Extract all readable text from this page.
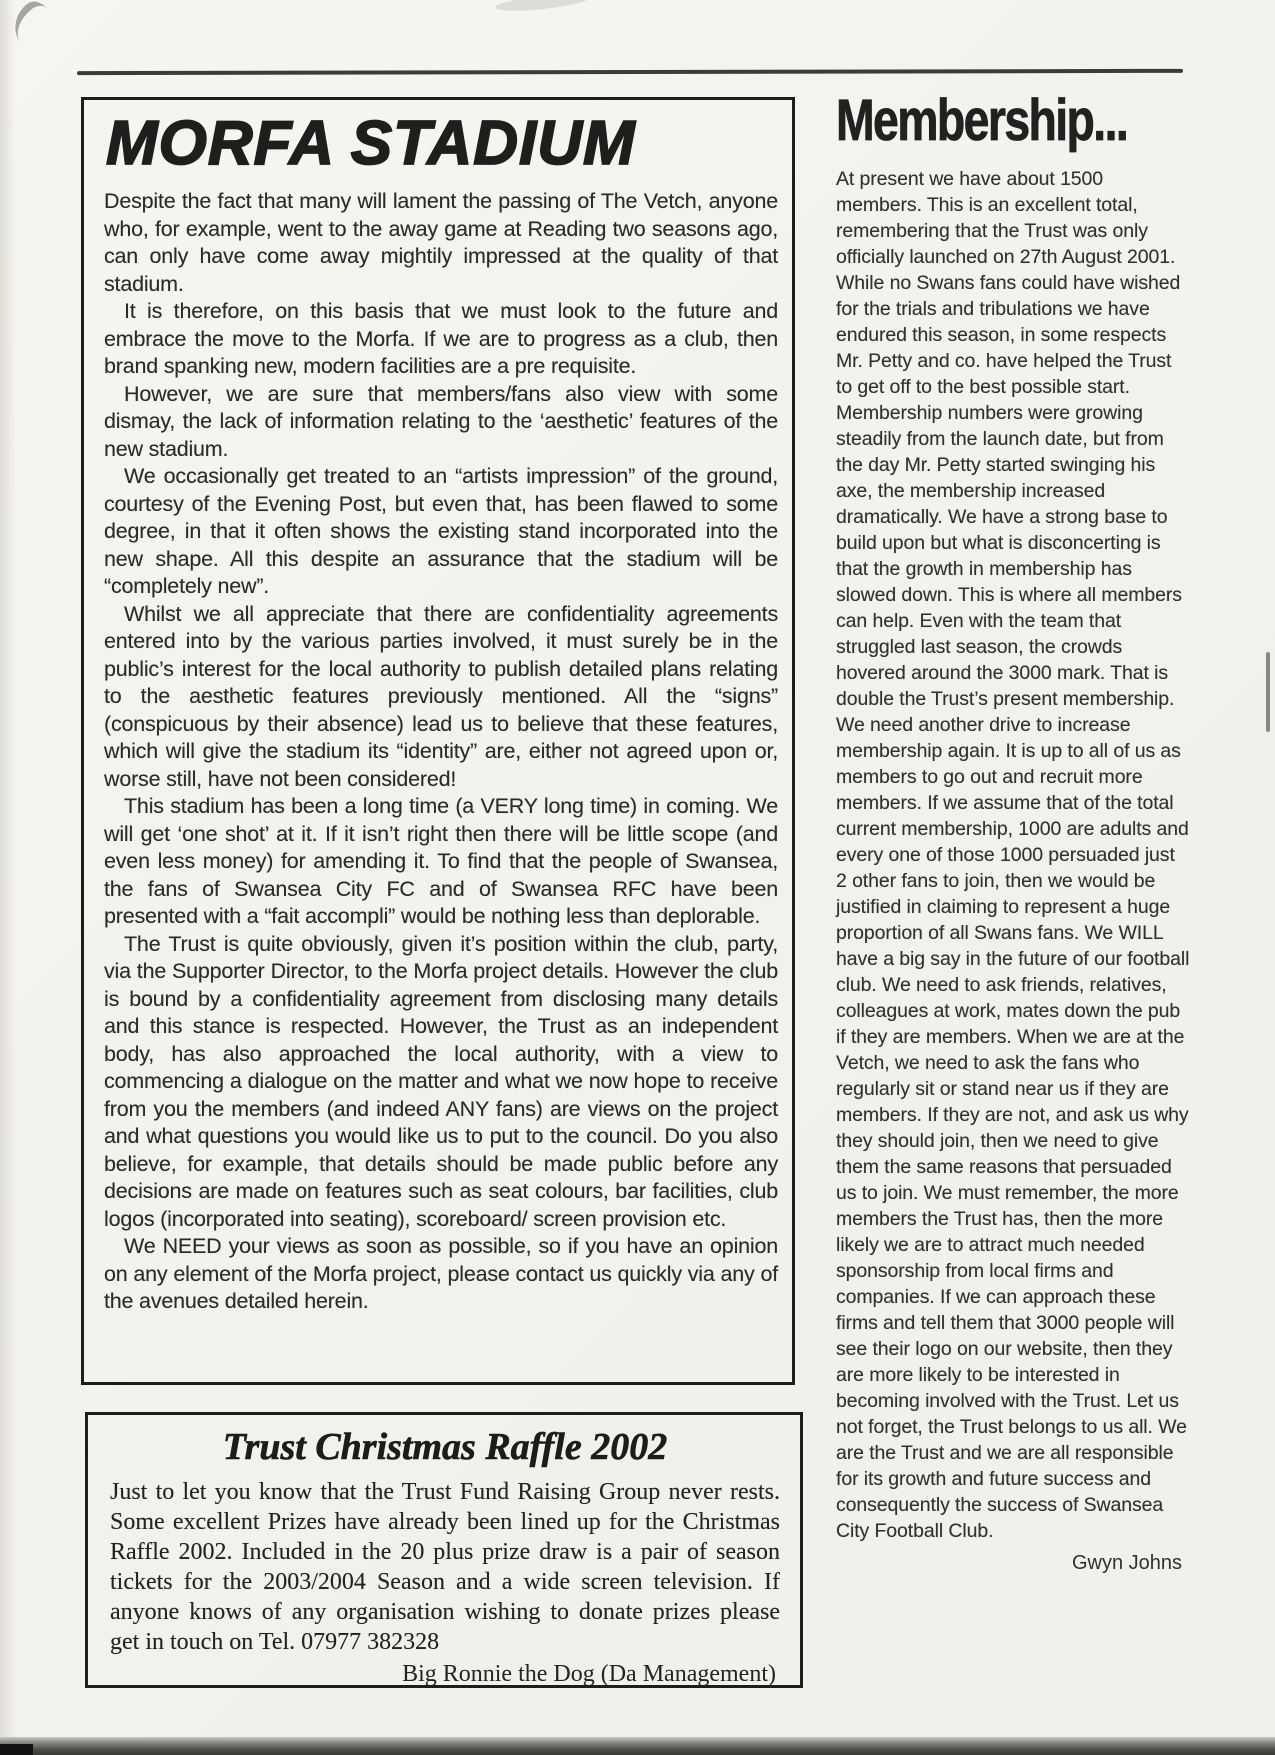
MORFA STADIUM

Despite the fact that many will lament the passing of The Vetch, anyone who, for example, went to the away game at Reading two seasons ago, can only have come away mightily impressed at the quality of that stadium.

It is therefore, on this basis that we must look to the future and embrace the move to the Morfa. If we are to progress as a club, then brand spanking new, modern facilities are a pre requisite.

However, we are sure that members/fans also view with some dismay, the lack of information relating to the ‘aesthetic’ features of the new stadium.

We occasionally get treated to an “artists impression” of the ground, courtesy of the Evening Post, but even that, has been flawed to some degree, in that it often shows the existing stand incorporated into the new shape. All this despite an assurance that the stadium will be “completely new”.

Whilst we all appreciate that there are confidentiality agreements entered into by the various parties involved, it must surely be in the public’s interest for the local authority to publish detailed plans relating to the aesthetic features previously mentioned. All the “signs” (conspicuous by their absence) lead us to believe that these features, which will give the stadium its “identity” are, either not agreed upon or, worse still, have not been considered!

This stadium has been a long time (a VERY long time) in coming. We will get ‘one shot’ at it. If it isn’t right then there will be little scope (and even less money) for amending it. To find that the people of Swansea, the fans of Swansea City FC and of Swansea RFC have been presented with a “fait accompli” would be nothing less than deplorable.

The Trust is quite obviously, given it’s position within the club, party, via the Supporter Director, to the Morfa project details. However the club is bound by a confidentiality agreement from disclosing many details and this stance is respected. However, the Trust as an independent body, has also approached the local authority, with a view to commencing a dialogue on the matter and what we now hope to receive from you the members (and indeed ANY fans) are views on the project and what questions you would like us to put to the council. Do you also believe, for example, that details should be made public before any decisions are made on features such as seat colours, bar facilities, club logos (incorporated into seating), scoreboard/ screen provision etc.

We NEED your views as soon as possible, so if you have an opinion on any element of the Morfa project, please contact us quickly via any of the avenues detailed herein.

Trust Christmas Raffle 2002

Just to let you know that the Trust Fund Raising Group never rests. Some excellent Prizes have already been lined up for the Christmas Raffle 2002. Included in the 20 plus prize draw is a pair of season tickets for the 2003/2004 Season and a wide screen television. If anyone knows of any organisation wishing to donate prizes please get in touch on Tel. 07977 382328

Big Ronnie the Dog (Da Management)

Membership...

At present we have about 1500 members. This is an excellent total, remembering that the Trust was only officially launched on 27th August 2001. While no Swans fans could have wished for the trials and tribulations we have endured this season, in some respects Mr. Petty and co. have helped the Trust to get off to the best possible start. Membership numbers were growing steadily from the launch date, but from the day Mr. Petty started swinging his axe, the membership increased dramatically. We have a strong base to build upon but what is disconcerting is that the growth in membership has slowed down. This is where all members can help. Even with the team that struggled last season, the crowds hovered around the 3000 mark. That is double the Trust’s present membership. We need another drive to increase membership again. It is up to all of us as members to go out and recruit more members. If we assume that of the total current membership, 1000 are adults and every one of those 1000 persuaded just 2 other fans to join, then we would be justified in claiming to represent a huge proportion of all Swans fans. We WILL have a big say in the future of our football club. We need to ask friends, relatives, colleagues at work, mates down the pub if they are members. When we are at the Vetch, we need to ask the fans who regularly sit or stand near us if they are members. If they are not, and ask us why they should join, then we need to give them the same reasons that persuaded us to join. We must remember, the more members the Trust has, then the more likely we are to attract much needed sponsorship from local firms and companies. If we can approach these firms and tell them that 3000 people will see their logo on our website, then they are more likely to be interested in becoming involved with the Trust. Let us not forget, the Trust belongs to us all. We are the Trust and we are all responsible for its growth and future success and consequently the success of Swansea City Football Club.

Gwyn Johns
